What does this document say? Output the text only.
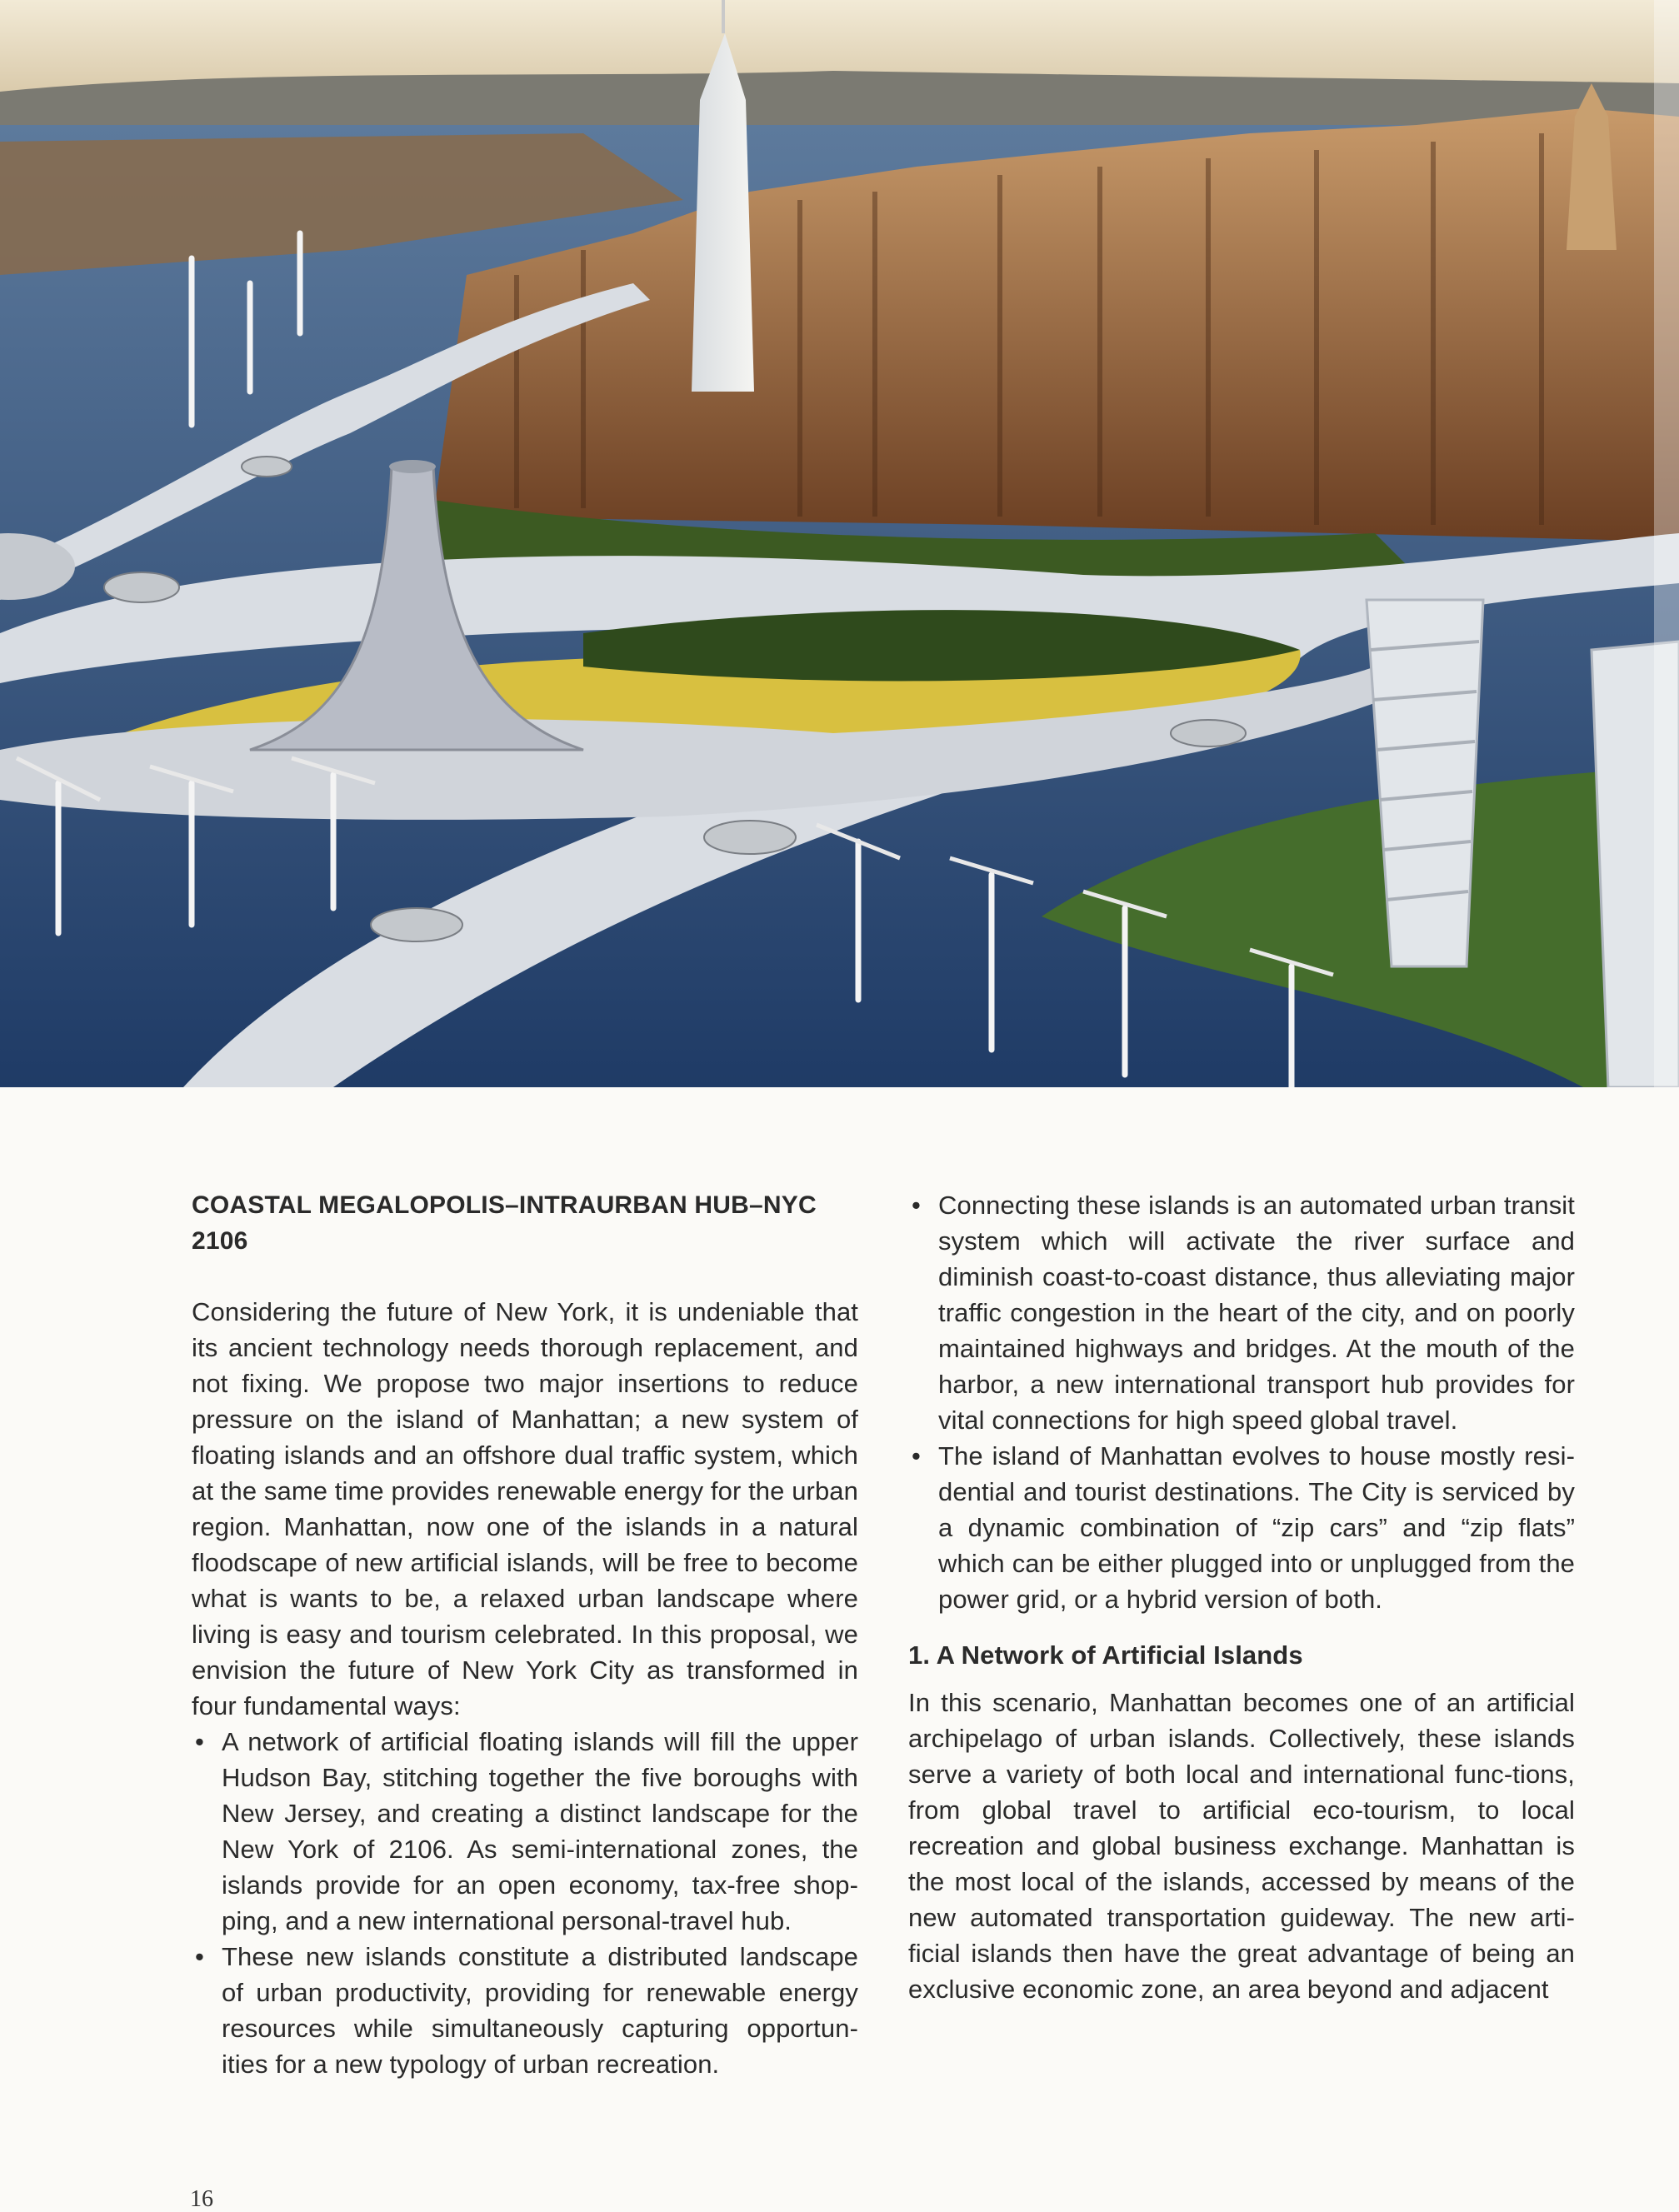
COASTAL MEGALOPOLIS–INTRAURBAN HUB–NYC 2106

Considering the future of New York, it is undeniable that its ancient technology needs thorough replacement, and not fixing. We propose two major insertions to reduce pressure on the island of Manhattan; a new system of floating islands and an offshore dual traffic system, which at the same time provides renewable energy for the urban region. Manhattan, now one of the islands in a natural floodscape of new artificial islands, will be free to become what is wants to be, a relaxed urban landscape where living is easy and tourism celebrated. In this proposal, we envision the future of New York City as transformed in four fundamental ways:

• A network of artificial floating islands will fill the upper Hudson Bay, stitching together the five boroughs with New Jersey, and creating a distinct landscape for the New York of 2106. As semi-international zones, the islands provide for an open economy, tax-free shop-ping, and a new international personal-travel hub.
• These new islands constitute a distributed landscape of urban productivity, providing for renewable energy resources while simultaneously capturing opportun-ities for a new typology of urban recreation.
• Connecting these islands is an automated urban transit system which will activate the river surface and diminish coast-to-coast distance, thus alleviating major traffic congestion in the heart of the city, and on poorly maintained highways and bridges. At the mouth of the harbor, a new international transport hub provides for vital connections for high speed global travel.
• The island of Manhattan evolves to house mostly resi-dential and tourist destinations. The City is serviced by a dynamic combination of “zip cars” and “zip flats” which can be either plugged into or unplugged from the power grid, or a hybrid version of both.
1. A Network of Artificial Islands

In this scenario, Manhattan becomes one of an artificial archipelago of urban islands. Collectively, these islands serve a variety of both local and international func-tions, from global travel to artificial eco-tourism, to local recreation and global business exchange. Manhattan is the most local of the islands, accessed by means of the new automated transportation guideway. The new arti-ficial islands then have the great advantage of being an exclusive economic zone, an area beyond and adjacent

16
